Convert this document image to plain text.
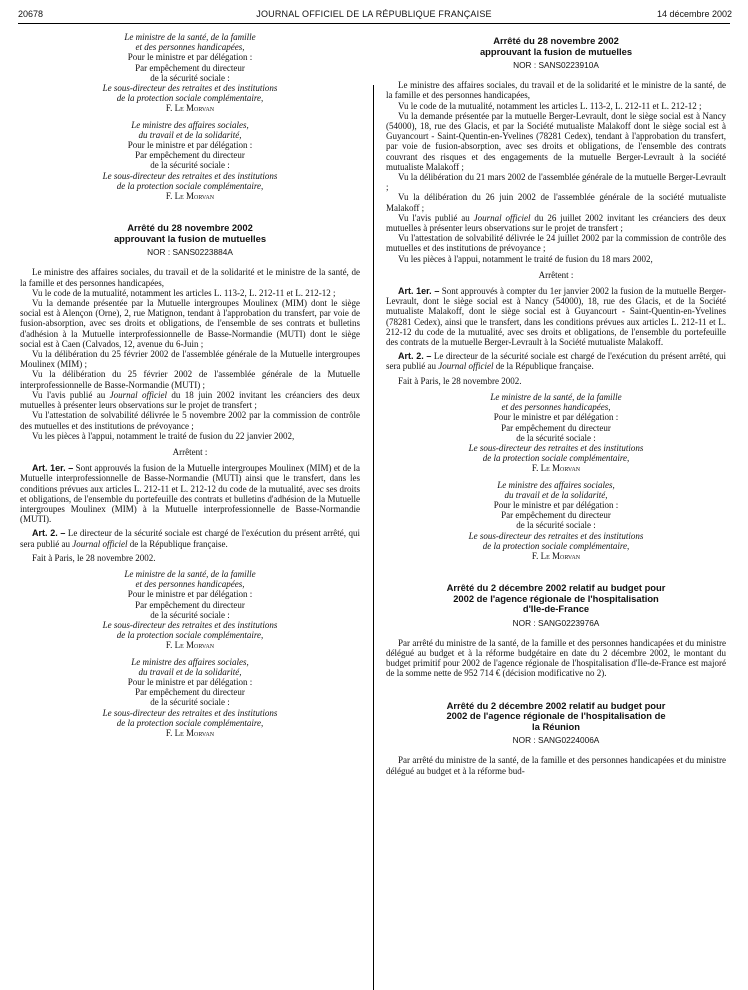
20678	JOURNAL OFFICIEL DE LA RÉPUBLIQUE FRANÇAISE	14 décembre 2002

Le ministre de la santé, de la famille

et des personnes handicapées,

Pour le ministre et par délégation :

Par empêchement du directeur

de la sécurité sociale :

Le sous-directeur des retraites et des institutions

de la protection sociale complémentaire,

F. Le Morvan

Le ministre des affaires sociales,

du travail et de la solidarité,

Pour le ministre et par délégation :

Par empêchement du directeur

de la sécurité sociale :

Le sous-directeur des retraites et des institutions

de la protection sociale complémentaire,

F. Le Morvan

Arrêté du 28 novembre 2002

approuvant la fusion de mutuelles

NOR : SANS0223884A

Le ministre des affaires sociales, du travail et de la solidarité et le ministre de la santé, de la famille et des personnes handicapées,

Vu le code de la mutualité, notamment les articles L. 113-2, L. 212-11 et L. 212-12 ;

Vu la demande présentée par la Mutuelle intergroupes Moulinex (MIM) dont le siège social est à Alençon (Orne), 2, rue Matignon, tendant à l'approbation du transfert, par voie de fusion-absorption, avec ses droits et obligations, de l'ensemble de ses contrats et bulletins d'adhésion à la Mutuelle interprofessionnelle de Basse-Normandie (MUTI) dont le siège social est à Caen (Calvados, 12, avenue du 6-Juin ;

Vu la délibération du 25 février 2002 de l'assemblée générale de la Mutuelle intergroupes Moulinex (MIM) ;

Vu la délibération du 25 février 2002 de l'assemblée générale de la Mutuelle interprofessionnelle de Basse-Normandie (MUTI) ;

Vu l'avis publié au Journal officiel du 18 juin 2002 invitant les créanciers des deux mutuelles à présenter leurs observations sur le projet de transfert ;

Vu l'attestation de solvabilité délivrée le 5 novembre 2002 par la commission de contrôle des mutuelles et des institutions de prévoyance ;

Vu les pièces à l'appui, notamment le traité de fusion du 22 janvier 2002,

Arrêtent :

Art. 1er. – Sont approuvés la fusion de la Mutuelle intergroupes Moulinex (MIM) et de la Mutuelle interprofessionnelle de Basse-Normandie (MUTI) ainsi que le transfert, dans les conditions prévues aux articles L. 212-11 et L. 212-12 du code de la mutualité, avec ses droits et obligations, de l'ensemble du portefeuille des contrats et bulletins d'adhésion de la Mutuelle intergroupes Moulinex (MIM) à la Mutuelle interprofessionnelle de Basse-Normandie (MUTI).

Art. 2. – Le directeur de la sécurité sociale est chargé de l'exécution du présent arrêté, qui sera publié au Journal officiel de la République française.

Fait à Paris, le 28 novembre 2002.

Le ministre de la santé, de la famille

et des personnes handicapées,

Pour le ministre et par délégation :

Par empêchement du directeur

de la sécurité sociale :

Le sous-directeur des retraites et des institutions

de la protection sociale complémentaire,

F. Le Morvan

Le ministre des affaires sociales,

du travail et de la solidarité,

Pour le ministre et par délégation :

Par empêchement du directeur

de la sécurité sociale :

Le sous-directeur des retraites et des institutions

de la protection sociale complémentaire,

F. Le Morvan

Arrêté du 28 novembre 2002

approuvant la fusion de mutuelles

NOR : SANS0223910A

Le ministre des affaires sociales, du travail et de la solidarité et le ministre de la santé, de la famille et des personnes handicapées,

Vu le code de la mutualité, notamment les articles L. 113-2, L. 212-11 et L. 212-12 ;

Vu la demande présentée par la mutuelle Berger-Levrault, dont le siège social est à Nancy (54000), 18, rue des Glacis, et par la Société mutualiste Malakoff dont le siège social est à Guyancourt - Saint-Quentin-en-Yvelines (78281 Cedex), tendant à l'approbation du transfert, par voie de fusion-absorption, avec ses droits et obligations, de l'ensemble des contrats couvrant des risques et des engagements de la mutuelle Berger-Levrault à la société mutualiste Malakoff ;

Vu la délibération du 21 mars 2002 de l'assemblée générale de la mutuelle Berger-Levrault ;

Vu la délibération du 26 juin 2002 de l'assemblée générale de la société mutualiste Malakoff ;

Vu l'avis publié au Journal officiel du 26 juillet 2002 invitant les créanciers des deux mutuelles à présenter leurs observations sur le projet de transfert ;

Vu l'attestation de solvabilité délivrée le 24 juillet 2002 par la commission de contrôle des mutuelles et des institutions de prévoyance ;

Vu les pièces à l'appui, notamment le traité de fusion du 18 mars 2002,

Arrêtent :

Art. 1er. – Sont approuvés à compter du 1er janvier 2002 la fusion de la mutuelle Berger-Levrault, dont le siège social est à Nancy (54000), 18, rue des Glacis, et de la Société mutualiste Malakoff, dont le siège social est à Guyancourt - Saint-Quentin-en-Yvelines (78281 Cedex), ainsi que le transfert, dans les conditions prévues aux articles L. 212-11 et L. 212-12 du code de la mutualité, avec ses droits et obligations, de l'ensemble du portefeuille des contrats de la mutuelle Berger-Levrault à la Société mutualiste Malakoff.

Art. 2. – Le directeur de la sécurité sociale est chargé de l'exécution du présent arrêté, qui sera publié au Journal officiel de la République française.

Fait à Paris, le 28 novembre 2002.

Le ministre de la santé, de la famille

et des personnes handicapées,

Pour le ministre et par délégation :

Par empêchement du directeur

de la sécurité sociale :

Le sous-directeur des retraites et des institutions

de la protection sociale complémentaire,

F. Le Morvan

Le ministre des affaires sociales,

du travail et de la solidarité,

Pour le ministre et par délégation :

Par empêchement du directeur

de la sécurité sociale :

Le sous-directeur des retraites et des institutions

de la protection sociale complémentaire,

F. Le Morvan

Arrêté du 2 décembre 2002 relatif au budget pour

2002 de l'agence régionale de l'hospitalisation

d'Ile-de-France

NOR : SANG0223976A

Par arrêté du ministre de la santé, de la famille et des personnes handicapées et du ministre délégué au budget et à la réforme budgétaire en date du 2 décembre 2002, le montant du budget primitif pour 2002 de l'agence régionale de l'hospitalisation d'Ile-de-France est majoré de la somme nette de 952 714 € (décision modificative no 2).

Arrêté du 2 décembre 2002 relatif au budget pour

2002 de l'agence régionale de l'hospitalisation de

la Réunion

NOR : SANG0224006A

Par arrêté du ministre de la santé, de la famille et des personnes handicapées et du ministre délégué au budget et à la réforme bud-
